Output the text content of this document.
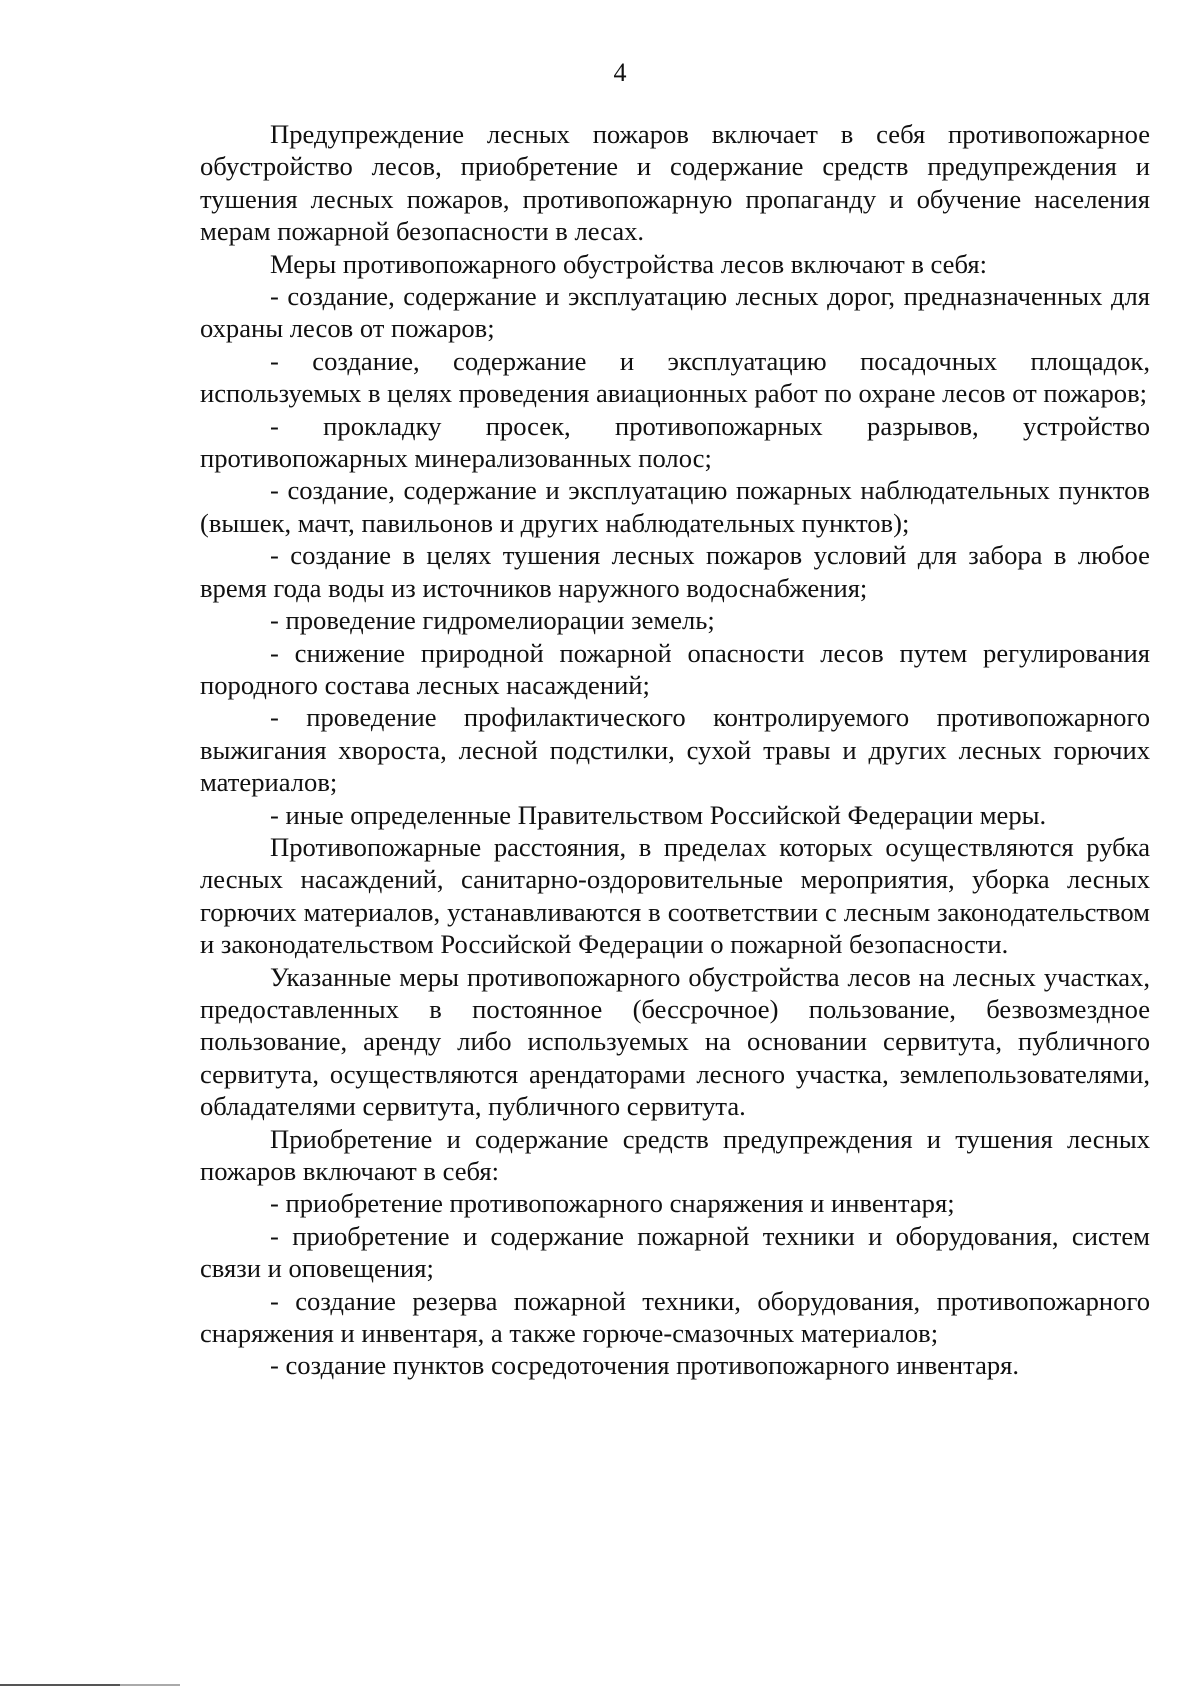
4

Предупреждение лесных пожаров включает в себя противопожарное обустройство лесов, приобретение и содержание средств предупреждения и тушения лесных пожаров, противопожарную пропаганду и обучение населения мерам пожарной безопасности в лесах.

Меры противопожарного обустройства лесов включают в себя:

- создание, содержание и эксплуатацию лесных дорог, предназначенных для охраны лесов от пожаров;

- создание, содержание и эксплуатацию посадочных площадок, используемых в целях проведения авиационных работ по охране лесов от пожаров;

- прокладку просек, противопожарных разрывов, устройство противопожарных минерализованных полос;

- создание, содержание и эксплуатацию пожарных наблюдательных пунктов (вышек, мачт, павильонов и других наблюдательных пунктов);

- создание в целях тушения лесных пожаров условий для забора в любое время года воды из источников наружного водоснабжения;

- проведение гидромелиорации земель;

- снижение природной пожарной опасности лесов путем регулирования породного состава лесных насаждений;

- проведение профилактического контролируемого противопожарного выжигания хвороста, лесной подстилки, сухой травы и других лесных горючих материалов;

- иные определенные Правительством Российской Федерации меры.

Противопожарные расстояния, в пределах которых осуществляются рубка лесных насаждений, санитарно-оздоровительные мероприятия, уборка лесных горючих материалов, устанавливаются в соответствии с лесным законодательством и законодательством Российской Федерации о пожарной безопасности.

Указанные меры противопожарного обустройства лесов на лесных участках, предоставленных в постоянное (бессрочное) пользование, безвозмездное пользование, аренду либо используемых на основании сервитута, публичного сервитута, осуществляются арендаторами лесного участка, землепользователями, обладателями сервитута, публичного сервитута.

Приобретение и содержание средств предупреждения и тушения лесных пожаров включают в себя:

- приобретение противопожарного снаряжения и инвентаря;

- приобретение и содержание пожарной техники и оборудования, систем связи и оповещения;

- создание резерва пожарной техники, оборудования, противопожарного снаряжения и инвентаря, а также горюче-смазочных материалов;

- создание пунктов сосредоточения противопожарного инвентаря.
